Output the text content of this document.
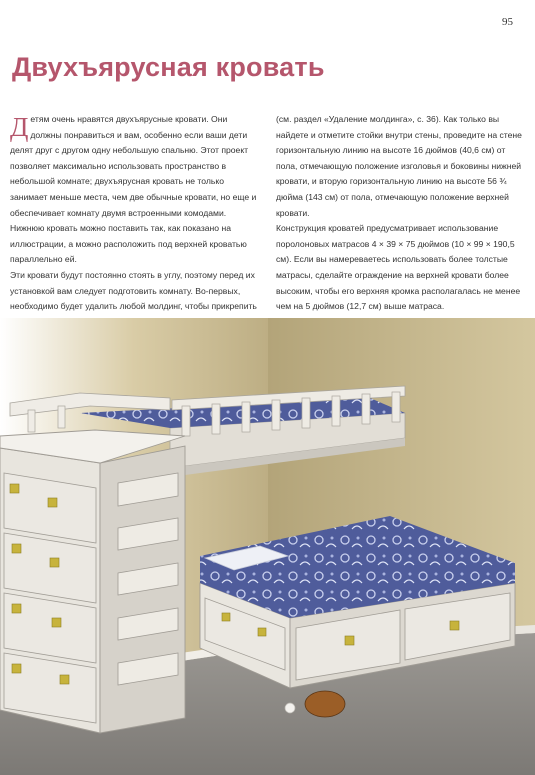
95
Двухъярусная кровать

Детям очень нравятся двухъярусные кровати. Они должны понравиться и вам, особенно если ваши дети делят друг с другом одну небольшую спальню. Этот проект позволяет максимально использовать пространство в небольшой комнате; двухъярусная кровать не только занимает меньше места, чем две обычные кровати, но еще и обеспечивает комнату двумя встроенными комодами. Нижнюю кровать можно поставить так, как показано на иллюстрации, а можно расположить под верхней кроватью параллельно ей.

Эти кровати будут постоянно стоять в углу, поэтому перед их установкой вам следует подготовить комнату. Во-первых, необходимо будет удалить любой молдинг, чтобы прикрепить

(см. раздел «Удаление молдинга», с. 36). Как только вы найдете и отметите стойки внутри стены, проведите на стене горизонтальную линию на высоте 16 дюймов (40,6 см) от пола, отмечающую положение изголовья и боковины нижней кровати, и вторую горизонтальную линию на высоте 56 ¾ дюйма (143 см) от пола, отмечающую положение верхней кровати.

Конструкция кроватей предусматривает использование поролоновых матрасов 4 × 39 × 75 дюймов (10 × 99 × 190,5 см). Если вы намереваетесь использовать более толстые матрасы, сделайте ограждение на верхней кровати более высоким, чтобы его верхняя кромка располагалась не менее чем на 5 дюймов (12,7 см) выше матраса.
